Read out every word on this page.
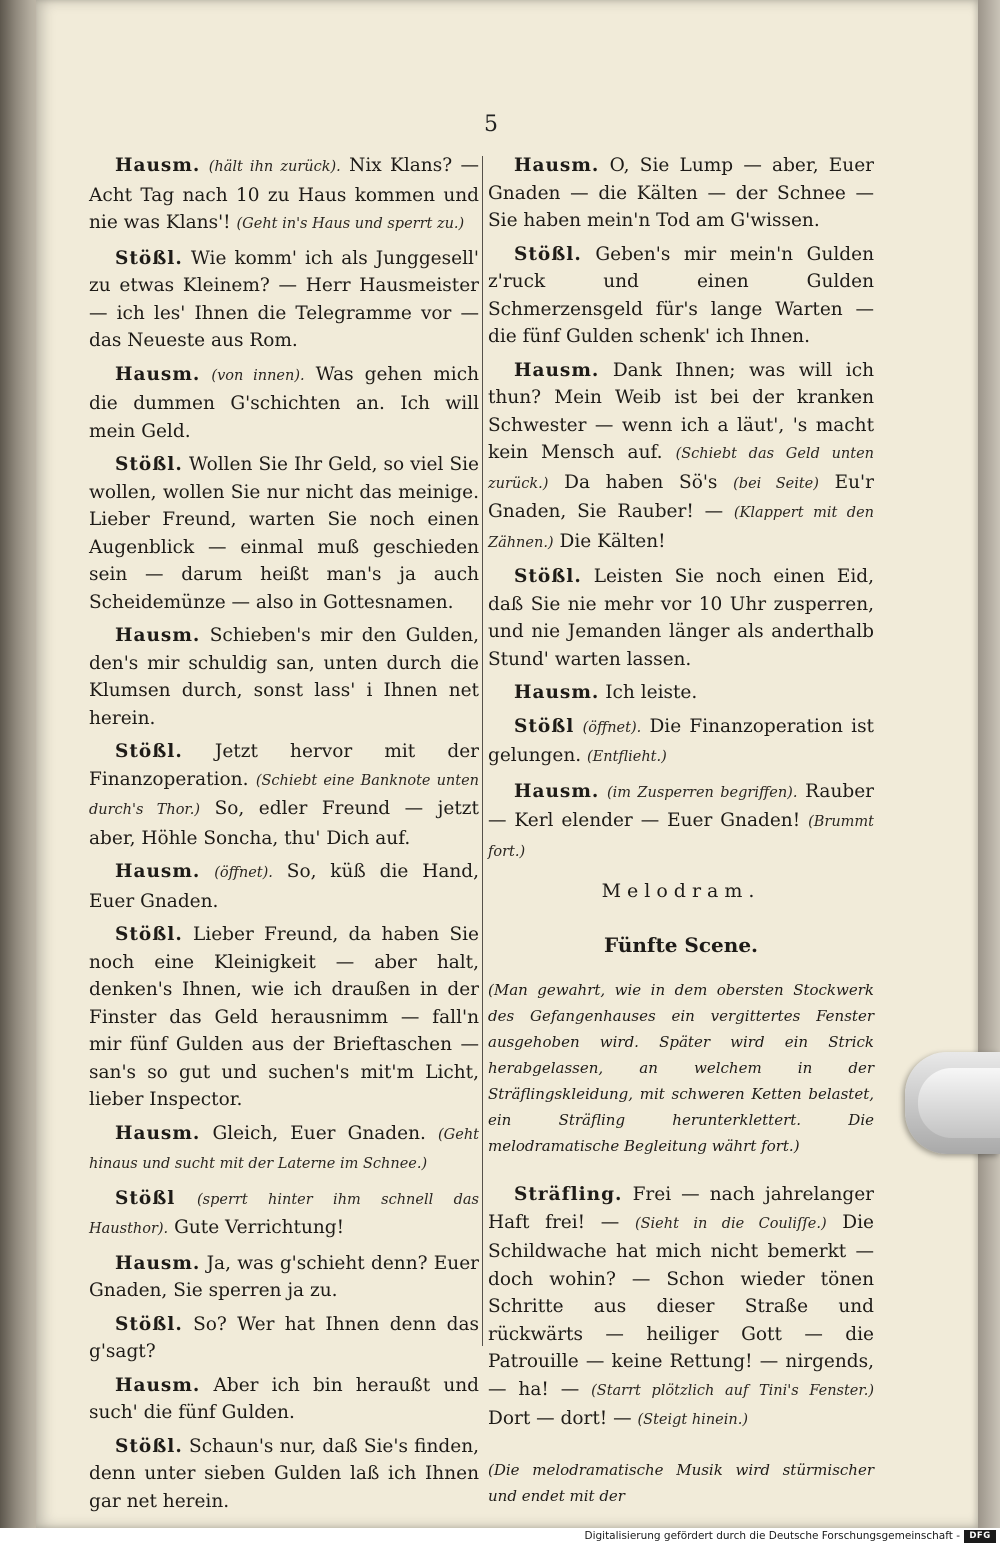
5

Hausm. (hält ihn zurück). Nix Klans? — Acht Tag nach 10 zu Haus kommen und nie was Klans'! (Geht in's Haus und sperrt zu.)

Stößl. Wie komm' ich als Junggesell' zu etwas Kleinem? — Herr Hausmeister — ich les' Ihnen die Telegramme vor — das Neueste aus Rom.

Hausm. (von innen). Was gehen mich die dummen G'schichten an. Ich will mein Geld.

Stößl. Wollen Sie Ihr Geld, so viel Sie wollen, wollen Sie nur nicht das meinige. Lieber Freund, warten Sie noch einen Augenblick — einmal muß geschieden sein — darum heißt man's ja auch Scheidemünze — also in Gottesnamen.

Hausm. Schieben's mir den Gulden, den's mir schuldig san, unten durch die Klumsen durch, sonst lass' i Ihnen net herein.

Stößl. Jetzt hervor mit der Finanzoperation. (Schiebt eine Banknote unten durch's Thor.) So, edler Freund — jetzt aber, Höhle Soncha, thu' Dich auf.

Hausm. (öffnet). So, küß die Hand, Euer Gnaden.

Stößl. Lieber Freund, da haben Sie noch eine Kleinigkeit — aber halt, denken's Ihnen, wie ich draußen in der Finster das Geld herausnimm — fall'n mir fünf Gulden aus der Brieftaschen — san's so gut und suchen's mit'm Licht, lieber Inspector.

Hausm. Gleich, Euer Gnaden. (Geht hinaus und sucht mit der Laterne im Schnee.)

Stößl (sperrt hinter ihm schnell das Hausthor). Gute Verrichtung!

Hausm. Ja, was g'schieht denn? Euer Gnaden, Sie sperren ja zu.

Stößl. So? Wer hat Ihnen denn das g'sagt?

Hausm. Aber ich bin heraußt und such' die fünf Gulden.

Stößl. Schaun's nur, daß Sie's finden, denn unter sieben Gulden laß ich Ihnen gar net herein.

Hausm. O, Sie Lump — aber, Euer Gnaden — die Kälten — der Schnee — Sie haben mein'n Tod am G'wissen.

Stößl. Geben's mir mein'n Gulden z'ruck und einen Gulden Schmerzensgeld für's lange Warten — die fünf Gulden schenk' ich Ihnen.

Hausm. Dank Ihnen; was will ich thun? Mein Weib ist bei der kranken Schwester — wenn ich a läut', 's macht kein Mensch auf. (Schiebt das Geld unten zurück.) Da haben Sö's (bei Seite) Eu'r Gnaden, Sie Rauber! — (Klappert mit den Zähnen.) Die Kälten!

Stößl. Leisten Sie noch einen Eid, daß Sie nie mehr vor 10 Uhr zusperren, und nie Jemanden länger als anderthalb Stund' warten lassen.

Hausm. Ich leiste.

Stößl (öffnet). Die Finanzoperation ist gelungen. (Entflieht.)

Hausm. (im Zusperren begriffen). Rauber — Kerl elender — Euer Gnaden! (Brummt fort.)

Melodram.

Fünfte Scene.

(Man gewahrt, wie in dem obersten Stockwerk des Gefangenhauses ein vergittertes Fenster ausgehoben wird. Später wird ein Strick herabgelassen, an welchem in der Sträflingskleidung, mit schweren Ketten belastet, ein Sträfling herunterklettert. Die melodramatische Begleitung währt fort.)

Sträfling. Frei — nach jahrelanger Haft frei! — (Sieht in die Couliſſe.) Die Schildwache hat mich nicht bemerkt — doch wohin? — Schon wieder tönen Schritte aus dieser Straße und rückwärts — heiliger Gott — die Patrouille — keine Rettung! — nirgends, — ha! — (Starrt plötzlich auf Tini's Fenster.) Dort — dort! — (Steigt hinein.)

(Die melodramatische Musik wird stürmischer und endet mit der

Digitalisierung gefördert durch die Deutsche Forschungsgemeinschaft -	DFG
